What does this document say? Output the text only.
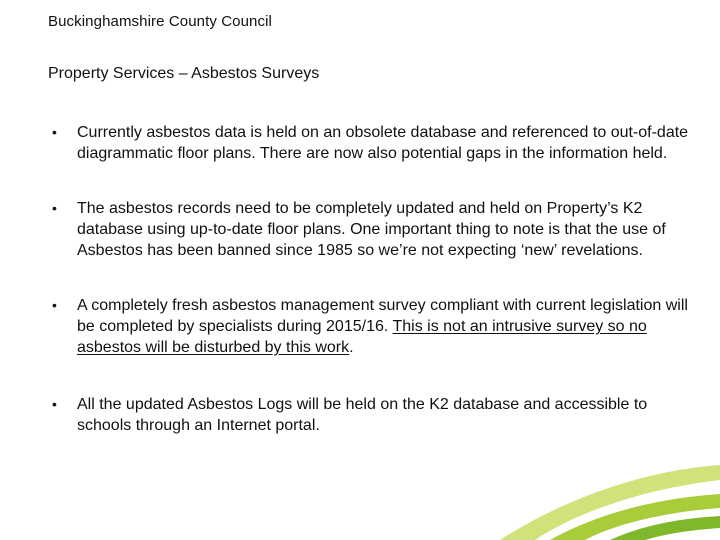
Buckinghamshire County Council
Property Services – Asbestos Surveys
• Currently asbestos data is held on an obsolete database and referenced to out-of-date diagrammatic floor plans. There are now also potential gaps in the information held.
• The asbestos records need to be completely updated and held on Property’s K2 database using up-to-date floor plans. One important thing to note is that the use of Asbestos has been banned since 1985 so we’re not expecting ‘new’ revelations.
• A completely fresh asbestos management survey compliant with current legislation will be completed by specialists during 2015/16. This is not an intrusive survey so no asbestos will be disturbed by this work.
• All the updated Asbestos Logs will be held on the K2 database and accessible to schools through an Internet portal.
